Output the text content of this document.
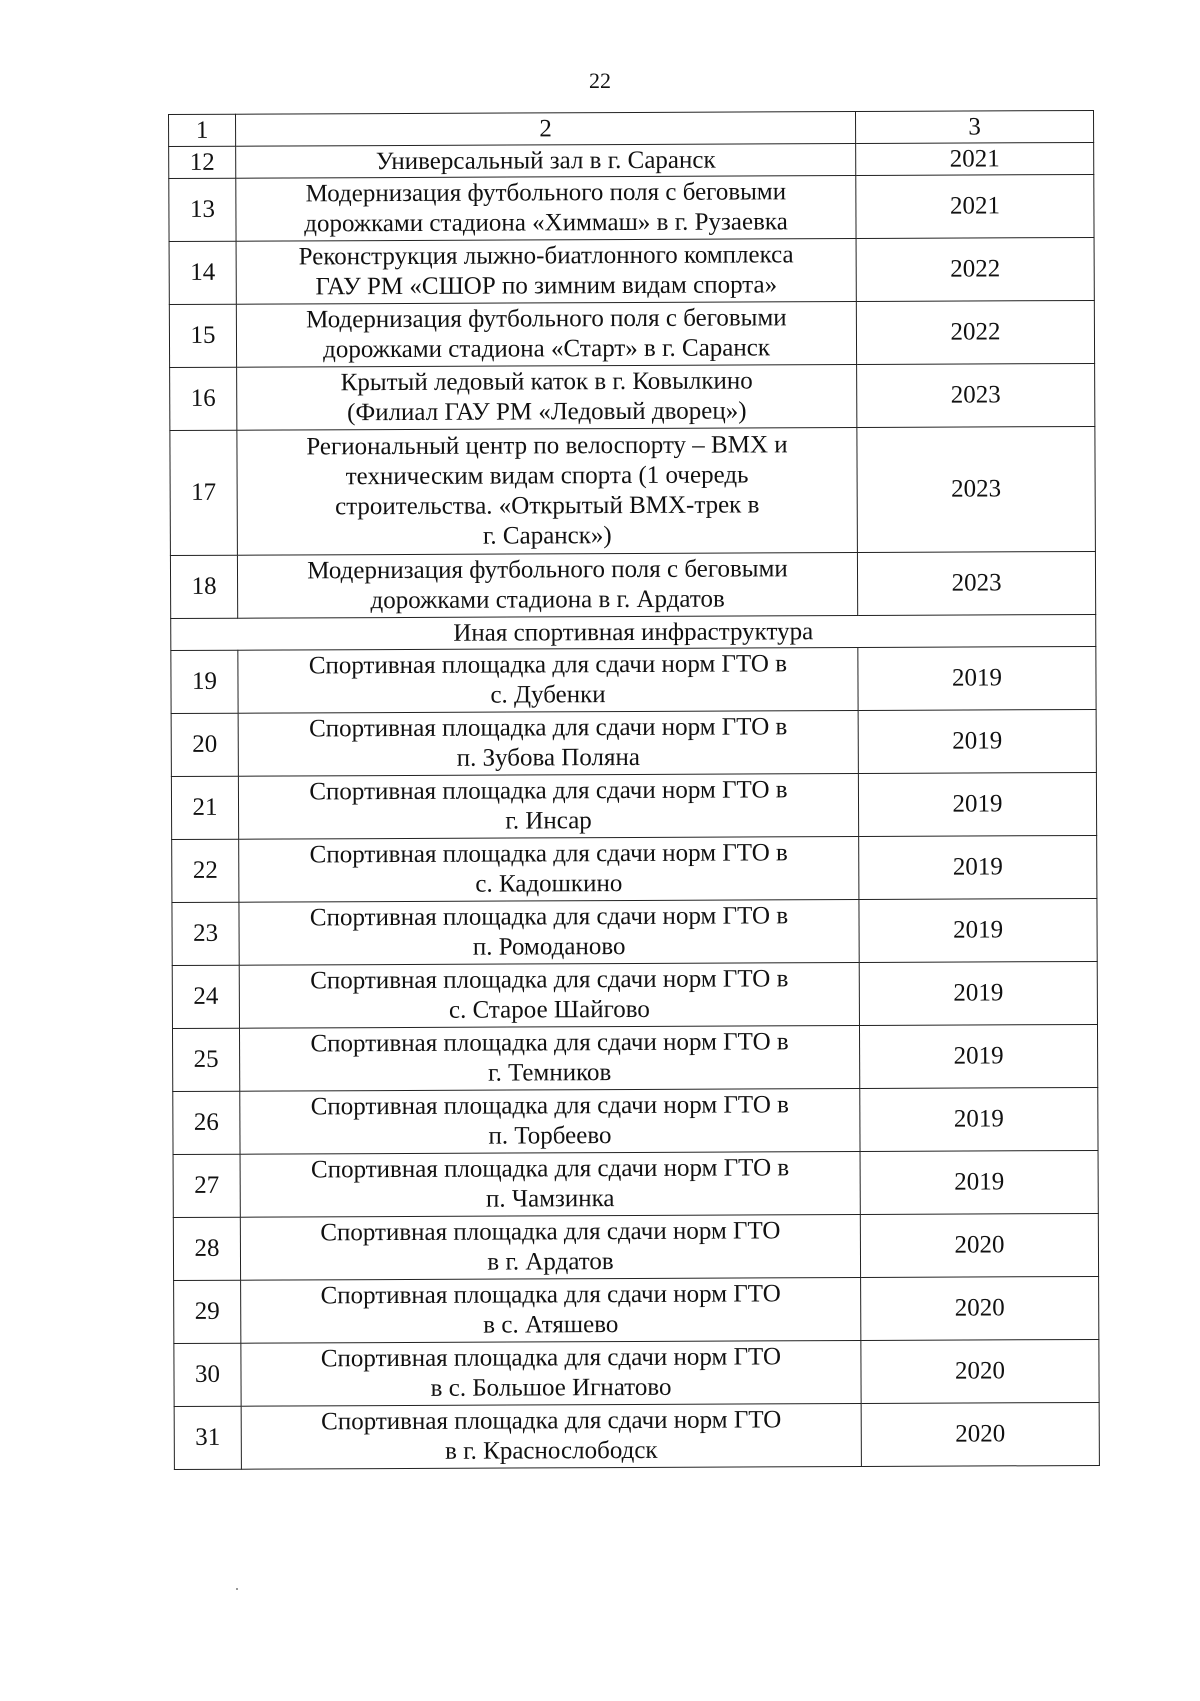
22
1	2	3
12	Универсальный зал в г. Саранск	2021
13	Модернизация футбольного поля с беговыми
дорожками стадиона «Химмаш» в г. Рузаевка	2021
14	Реконструкция лыжно-биатлонного комплекса
ГАУ РМ «СШОР по зимним видам спорта»	2022
15	Модернизация футбольного поля с беговыми
дорожками стадиона «Старт» в г. Саранск	2022
16	Крытый ледовый каток в г. Ковылкино
(Филиал ГАУ РМ «Ледовый дворец»)	2023
17	Региональный центр по велоспорту – ВМХ и
техническим видам спорта (1 очередь
строительства. «Открытый ВМХ-трек в
г. Саранск»)	2023
18	Модернизация футбольного поля с беговыми
дорожками стадиона в г. Ардатов	2023
Иная спортивная инфраструктура		
19	Спортивная площадка для сдачи норм ГТО в
с. Дубенки	2019
20	Спортивная площадка для сдачи норм ГТО в
п. Зубова Поляна	2019
21	Спортивная площадка для сдачи норм ГТО в
г. Инсар	2019
22	Спортивная площадка для сдачи норм ГТО в
с. Кадошкино	2019
23	Спортивная площадка для сдачи норм ГТО в
п. Ромоданово	2019
24	Спортивная площадка для сдачи норм ГТО в
с. Старое Шайгово	2019
25	Спортивная площадка для сдачи норм ГТО в
г. Темников	2019
26	Спортивная площадка для сдачи норм ГТО в
п. Торбеево	2019
27	Спортивная площадка для сдачи норм ГТО в
п. Чамзинка	2019
28	Спортивная площадка для сдачи норм ГТО
в г. Ардатов	2020
29	Спортивная площадка для сдачи норм ГТО
в с. Атяшево	2020
30	Спортивная площадка для сдачи норм ГТО
в с. Большое Игнатово	2020
31	Спортивная площадка для сдачи норм ГТО
в г. Краснослободск	2020
